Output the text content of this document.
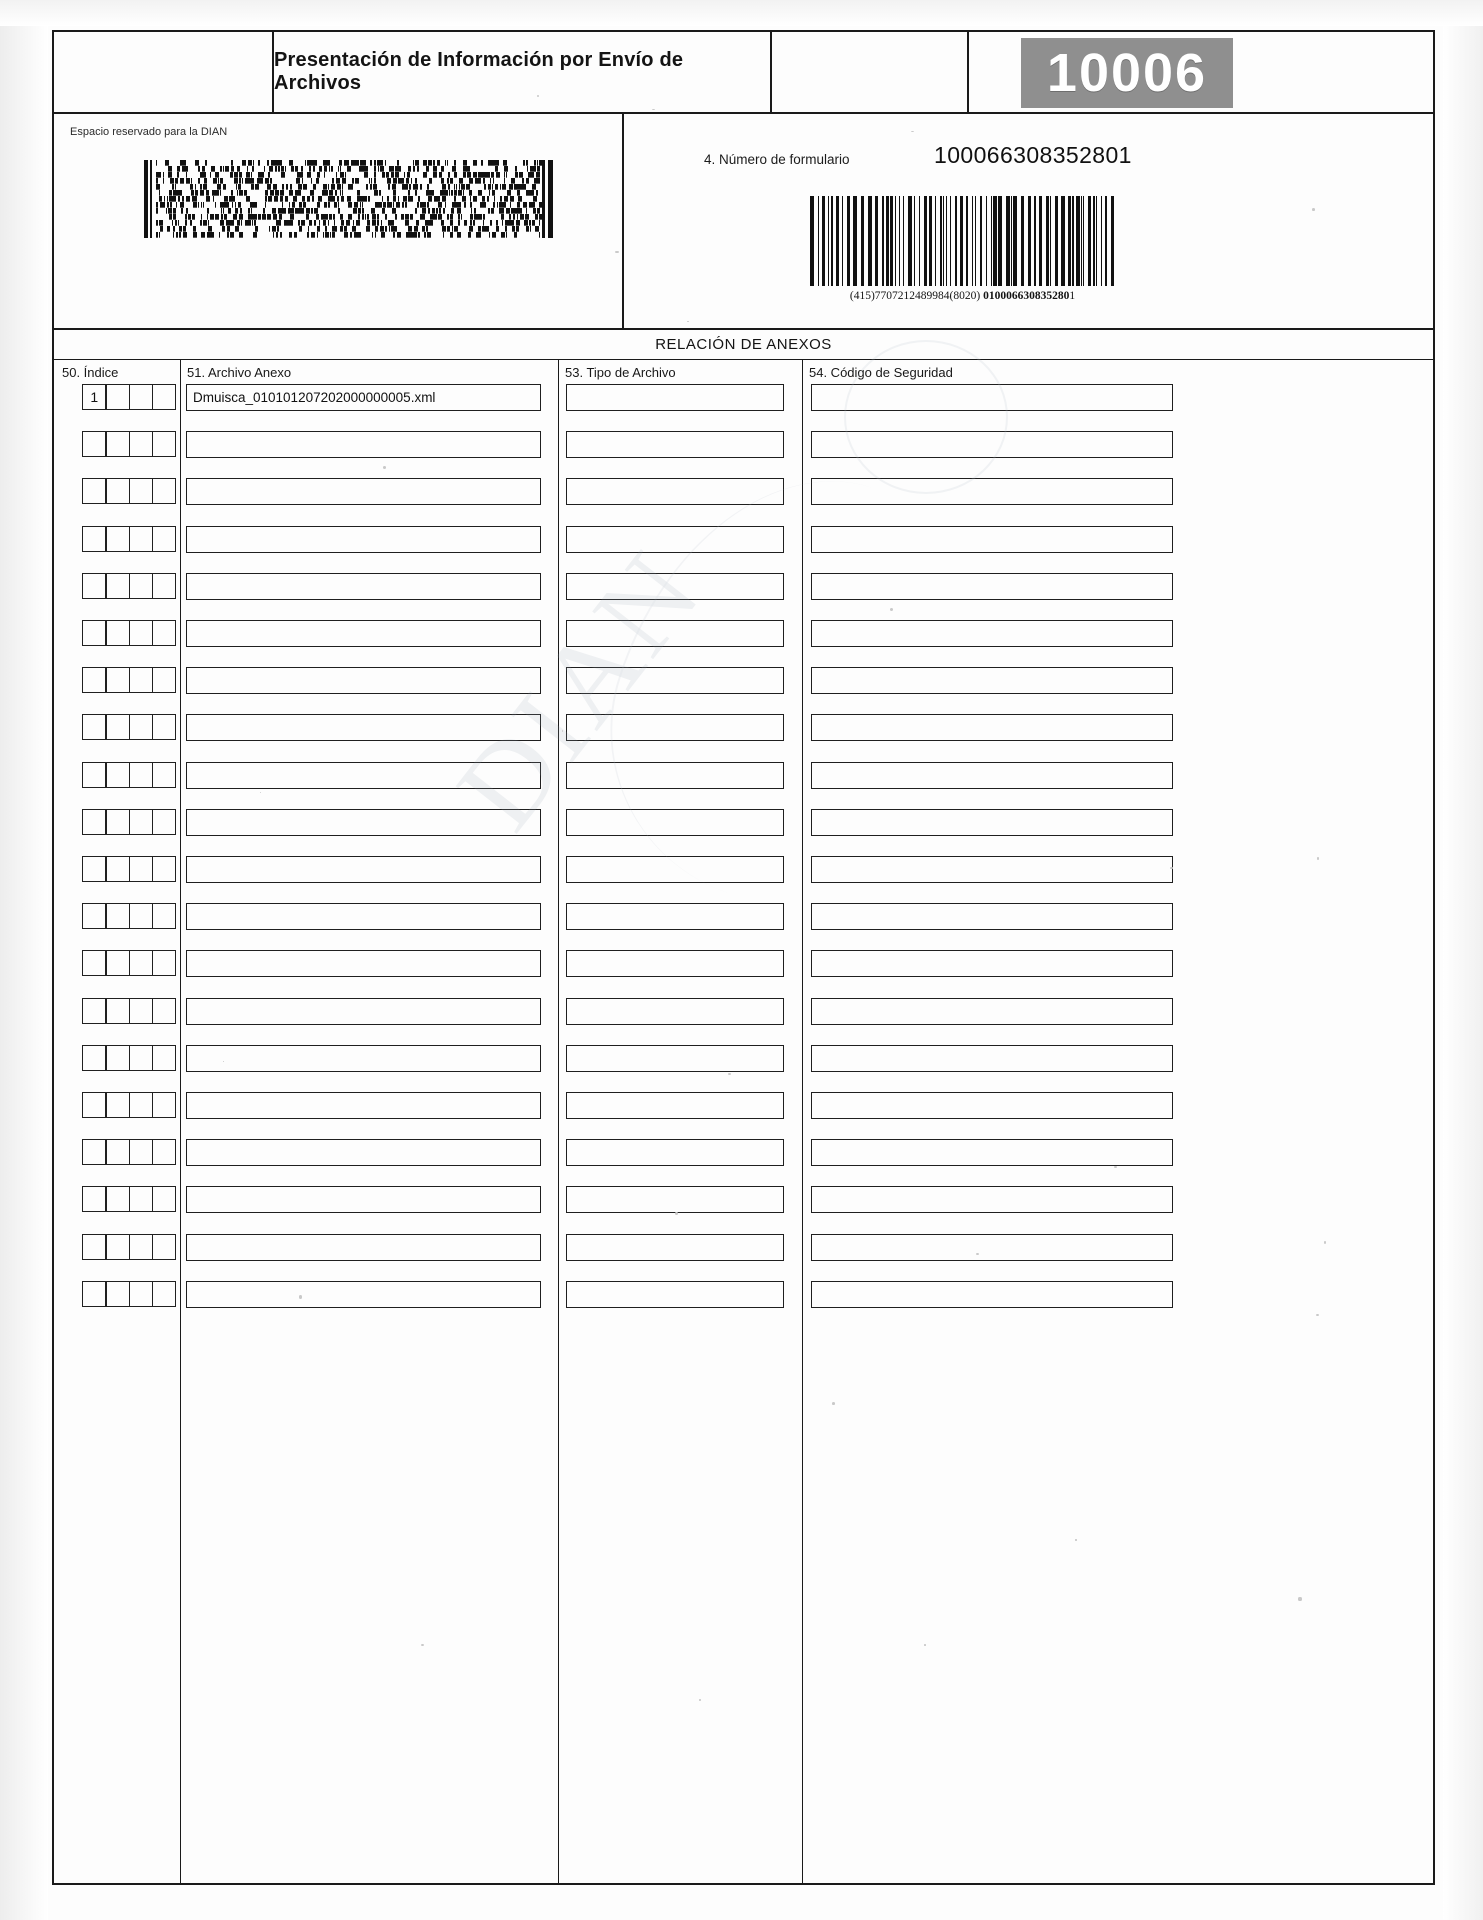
Presentación de Información por Envío de Archivos	10006
Espacio reservado para la DIAN
4. Número de formulario	100066308352801
(415)7707212489984(8020) 0100066308352801
RELACIÓN DE ANEXOS
50. Índice	51. Archivo Anexo	53. Tipo de Archivo	54. Código de Seguridad
1	Dmuisca_010101207202000000005.xml
DIAN
